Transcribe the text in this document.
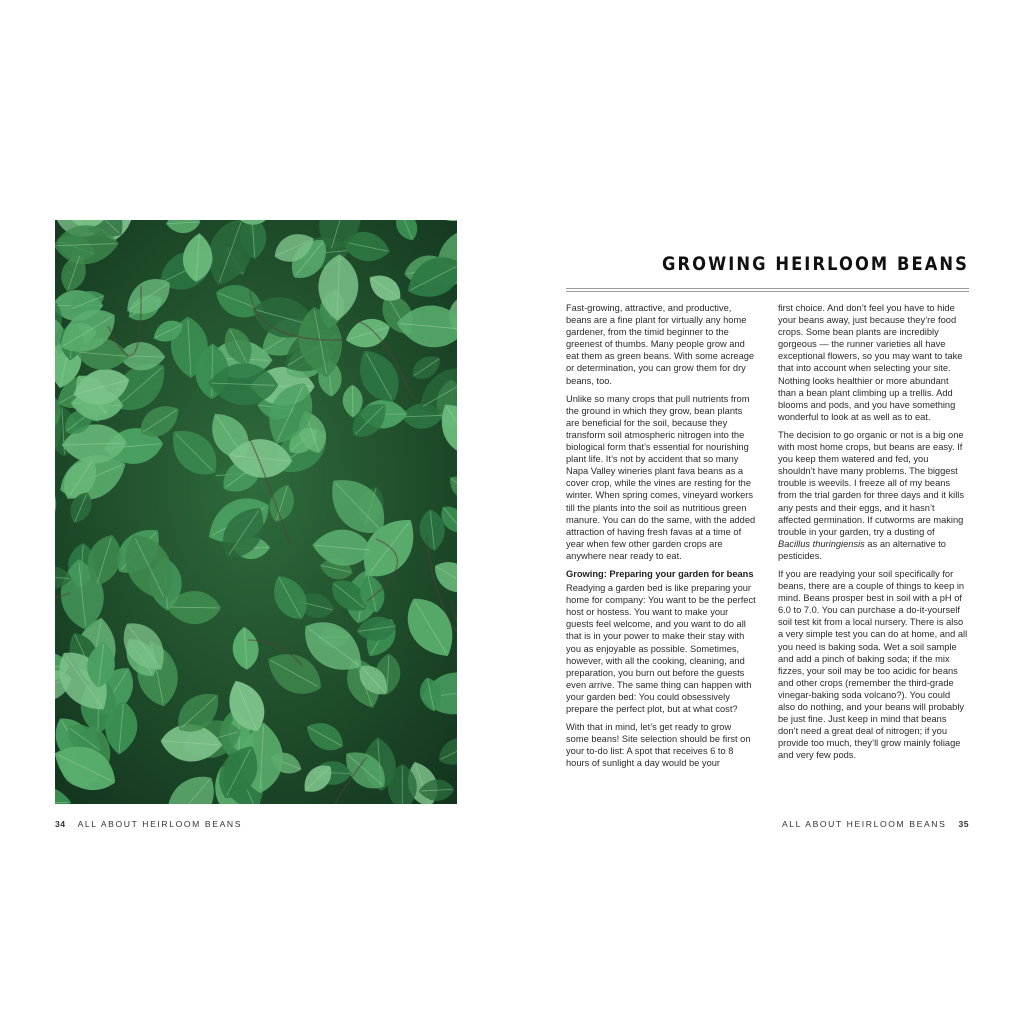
GROWING HEIRLOOM BEANS

Fast-growing, attractive, and productive, beans are a fine plant for virtually any home gardener, from the timid beginner to the greenest of thumbs. Many people grow and eat them as green beans. With some acreage or determination, you can grow them for dry beans, too.

Unlike so many crops that pull nutrients from the ground in which they grow, bean plants are beneficial for the soil, because they transform soil atmospheric nitrogen into the biological form that’s essential for nourishing plant life. It’s not by accident that so many Napa Valley wineries plant fava beans as a cover crop, while the vines are resting for the winter. When spring comes, vineyard workers till the plants into the soil as nutritious green manure. You can do the same, with the added attraction of having fresh favas at a time of year when few other garden crops are anywhere near ready to eat.

Growing: Preparing your garden for beans

Readying a garden bed is like preparing your home for company: You want to be the perfect host or hostess. You want to make your guests feel welcome, and you want to do all that is in your power to make their stay with you as enjoyable as possible. Sometimes, however, with all the cooking, cleaning, and preparation, you burn out before the guests even arrive. The same thing can happen with your garden bed: You could obsessively prepare the perfect plot, but at what cost?

With that in mind, let’s get ready to grow some beans! Site selection should be first on your to-do list: A spot that receives 6 to 8 hours of sunlight a day would be your

first choice. And don’t feel you have to hide your beans away, just because they’re food crops. Some bean plants are incredibly gorgeous — the runner varieties all have exceptional flowers, so you may want to take that into account when selecting your site. Nothing looks healthier or more abundant than a bean plant climbing up a trellis. Add blooms and pods, and you have something wonderful to look at as well as to eat.

The decision to go organic or not is a big one with most home crops, but beans are easy. If you keep them watered and fed, you shouldn’t have many problems. The biggest trouble is weevils. I freeze all of my beans from the trial garden for three days and it kills any pests and their eggs, and it hasn’t affected germination. If cutworms are making trouble in your garden, try a dusting of Bacillus thuringiensis as an alternative to pesticides.

If you are readying your soil specifically for beans, there are a couple of things to keep in mind. Beans prosper best in soil with a pH of 6.0 to 7.0. You can purchase a do-it-yourself soil test kit from a local nursery. There is also a very simple test you can do at home, and all you need is baking soda. Wet a soil sample and add a pinch of baking soda; if the mix fizzes, your soil may be too acidic for beans and other crops (remember the third-grade vinegar-baking soda volcano?). You could also do nothing, and your beans will probably be just fine. Just keep in mind that beans don’t need a great deal of nitrogen; if you provide too much, they’ll grow mainly foliage and very few pods.

34 ALL ABOUT HEIRLOOM BEANS	ALL ABOUT HEIRLOOM BEANS 35
